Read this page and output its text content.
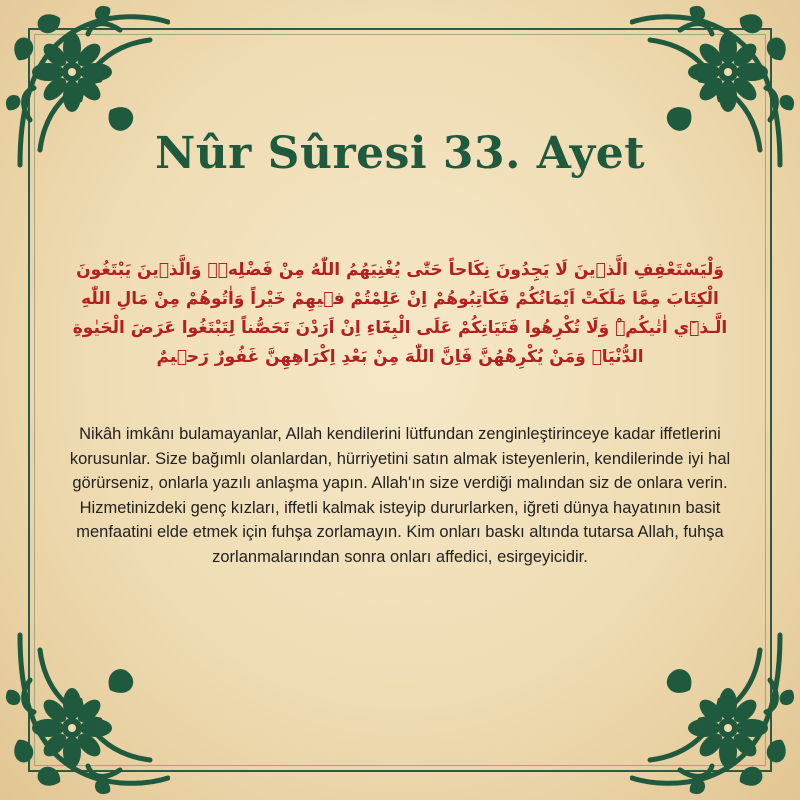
Nûr Sûresi 33. Ayet
وَلْيَسْتَعْفِفِ الَّذ۪ينَ لَا يَجِدُونَ نِكَاحاً حَتّٰى يُغْنِيَهُمُ اللّٰهُ مِنْ فَضْلِه۪ۜ وَالَّذ۪ينَ يَبْتَغُونَ الْكِتَابَ مِمَّا مَلَكَتْ اَيْمَانُكُمْ فَكَاتِبُوهُمْ اِنْ عَلِمْتُمْ ف۪يهِمْ خَيْراً وَاٰتُوهُمْ مِنْ مَالِ اللّٰهِ الَّـذ۪ٓي اٰتٰيكُمْۜ وَلَا تُكْرِهُوا فَتَيَاتِكُمْ عَلَى الْبِغَٓاءِ اِنْ اَرَدْنَ تَحَصُّناً لِتَبْتَغُوا عَرَضَ الْحَيٰوةِ الدُّنْيَاۜ وَمَنْ يُكْرِهْهُنَّ فَاِنَّ اللّٰهَ مِنْ بَعْدِ اِكْرَاهِهِنَّ غَفُورٌ رَح۪يمٌ
Nikâh imkânı bulamayanlar, Allah kendilerini lütfundan zenginleştirinceye kadar iffetlerini korusunlar. Size bağımlı olanlardan, hürriyetini satın almak isteyenlerin, kendilerinde iyi hal görürseniz, onlarla yazılı anlaşma yapın. Allah'ın size verdiği malından siz de onlara verin. Hizmetinizdeki genç kızları, iffetli kalmak isteyip dururlarken, iğreti dünya hayatının basit menfaatini elde etmek için fuhşa zorlamayın. Kim onları baskı altında tutarsa Allah, fuhşa zorlanmalarından sonra onları affedici, esirgeyicidir.
